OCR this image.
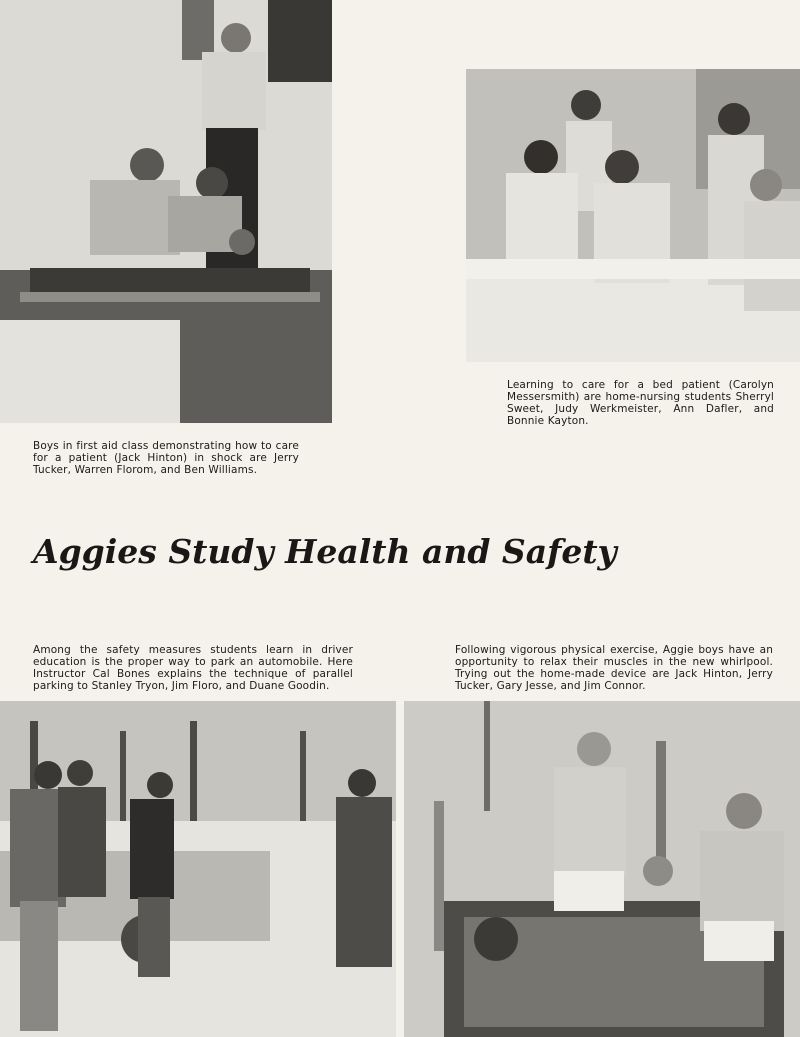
Learning to care for a bed patient (Carolyn Messersmith) are home-nursing students Sherryl Sweet, Judy Werkmeister, Ann Dafler, and Bonnie Kayton.

Boys in first aid class demonstrating how to care for a patient (Jack Hinton) in shock are Jerry Tucker, Warren Florom, and Ben Williams.

Aggies Study Health and Safety

Among the safety measures students learn in driver education is the proper way to park an automobile. Here Instructor Cal Bones explains the technique of parallel parking to Stanley Tryon, Jim Floro, and Duane Goodin.

Following vigorous physical exercise, Aggie boys have an opportunity to relax their muscles in the new whirlpool. Trying out the home-made device are Jack Hinton, Jerry Tucker, Gary Jesse, and Jim Connor.
